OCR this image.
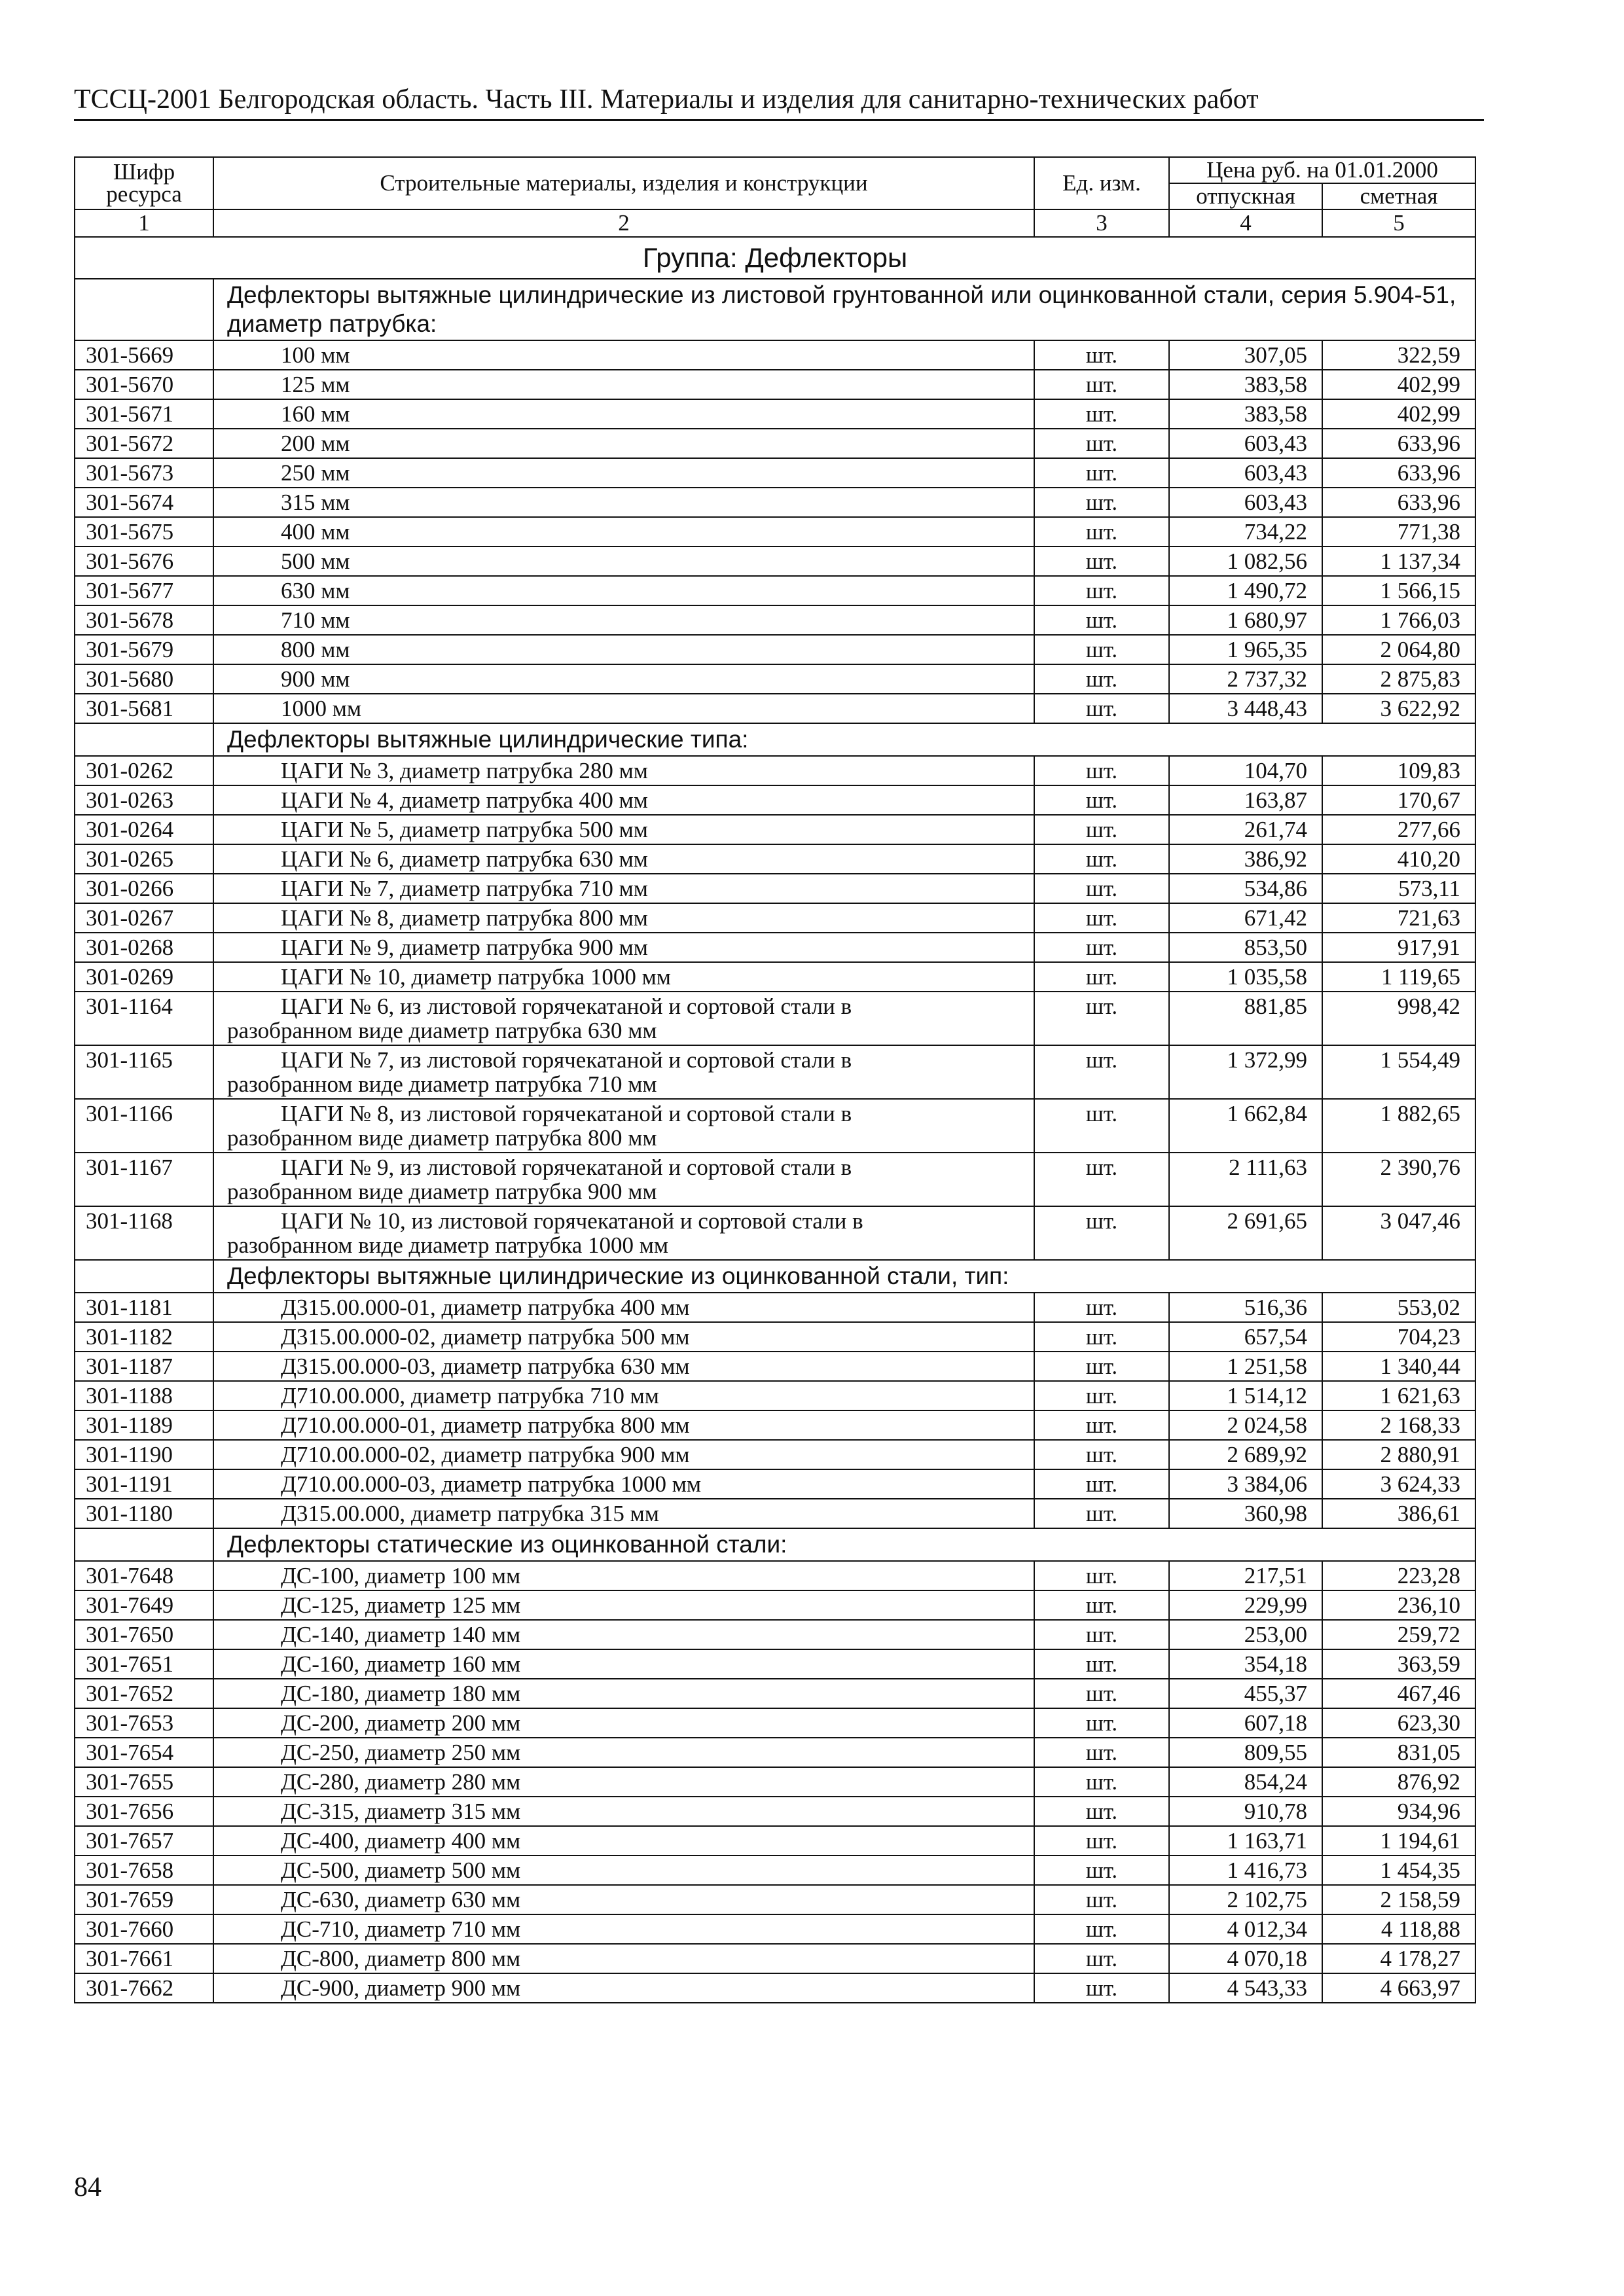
ТССЦ-2001 Белгородская область. Часть III. Материалы и изделия для санитарно-технических работ
Шифр ресурса	Строительные материалы, изделия и конструкции	Ед. изм.	Цена руб. на 01.01.2000	
			отпускная	сметная
1	2	3	4	5
Группа: Дефлекторы				
	Дефлекторы вытяжные цилиндрические из листовой грунтованной или оцинкованной стали, серия 5.904-51, диаметр патрубка:			
301-5669	100 мм	шт.	307,05	322,59
301-5670	125 мм	шт.	383,58	402,99
301-5671	160 мм	шт.	383,58	402,99
301-5672	200 мм	шт.	603,43	633,96
301-5673	250 мм	шт.	603,43	633,96
301-5674	315 мм	шт.	603,43	633,96
301-5675	400 мм	шт.	734,22	771,38
301-5676	500 мм	шт.	1 082,56	1 137,34
301-5677	630 мм	шт.	1 490,72	1 566,15
301-5678	710 мм	шт.	1 680,97	1 766,03
301-5679	800 мм	шт.	1 965,35	2 064,80
301-5680	900 мм	шт.	2 737,32	2 875,83
301-5681	1000 мм	шт.	3 448,43	3 622,92
	Дефлекторы вытяжные цилиндрические типа:			
301-0262	ЦАГИ № 3, диаметр патрубка 280 мм	шт.	104,70	109,83
301-0263	ЦАГИ № 4, диаметр патрубка 400 мм	шт.	163,87	170,67
301-0264	ЦАГИ № 5, диаметр патрубка 500 мм	шт.	261,74	277,66
301-0265	ЦАГИ № 6, диаметр патрубка 630 мм	шт.	386,92	410,20
301-0266	ЦАГИ № 7, диаметр патрубка 710 мм	шт.	534,86	573,11
301-0267	ЦАГИ № 8, диаметр патрубка 800 мм	шт.	671,42	721,63
301-0268	ЦАГИ № 9, диаметр патрубка 900 мм	шт.	853,50	917,91
301-0269	ЦАГИ № 10, диаметр патрубка 1000 мм	шт.	1 035,58	1 119,65
301-1164	ЦАГИ № 6, из листовой горячекатаной и сортовой стали в
разобранном виде диаметр патрубка 630 мм	шт.	881,85	998,42
301-1165	ЦАГИ № 7, из листовой горячекатаной и сортовой стали в
разобранном виде диаметр патрубка 710 мм	шт.	1 372,99	1 554,49
301-1166	ЦАГИ № 8, из листовой горячекатаной и сортовой стали в
разобранном виде диаметр патрубка 800 мм	шт.	1 662,84	1 882,65
301-1167	ЦАГИ № 9, из листовой горячекатаной и сортовой стали в
разобранном виде диаметр патрубка 900 мм	шт.	2 111,63	2 390,76
301-1168	ЦАГИ № 10, из листовой горячекатаной и сортовой стали в
разобранном виде диаметр патрубка 1000 мм	шт.	2 691,65	3 047,46
	Дефлекторы вытяжные цилиндрические из оцинкованной стали, тип:			
301-1181	Д315.00.000-01, диаметр патрубка 400 мм	шт.	516,36	553,02
301-1182	Д315.00.000-02, диаметр патрубка 500 мм	шт.	657,54	704,23
301-1187	Д315.00.000-03, диаметр патрубка 630 мм	шт.	1 251,58	1 340,44
301-1188	Д710.00.000, диаметр патрубка 710 мм	шт.	1 514,12	1 621,63
301-1189	Д710.00.000-01, диаметр патрубка 800 мм	шт.	2 024,58	2 168,33
301-1190	Д710.00.000-02, диаметр патрубка 900 мм	шт.	2 689,92	2 880,91
301-1191	Д710.00.000-03, диаметр патрубка 1000 мм	шт.	3 384,06	3 624,33
301-1180	Д315.00.000, диаметр патрубка 315 мм	шт.	360,98	386,61
	Дефлекторы статические из оцинкованной стали:			
301-7648	ДС-100, диаметр 100 мм	шт.	217,51	223,28
301-7649	ДС-125, диаметр 125 мм	шт.	229,99	236,10
301-7650	ДС-140, диаметр 140 мм	шт.	253,00	259,72
301-7651	ДС-160, диаметр 160 мм	шт.	354,18	363,59
301-7652	ДС-180, диаметр 180 мм	шт.	455,37	467,46
301-7653	ДС-200, диаметр 200 мм	шт.	607,18	623,30
301-7654	ДС-250, диаметр 250 мм	шт.	809,55	831,05
301-7655	ДС-280, диаметр 280 мм	шт.	854,24	876,92
301-7656	ДС-315, диаметр 315 мм	шт.	910,78	934,96
301-7657	ДС-400, диаметр 400 мм	шт.	1 163,71	1 194,61
301-7658	ДС-500, диаметр 500 мм	шт.	1 416,73	1 454,35
301-7659	ДС-630, диаметр 630 мм	шт.	2 102,75	2 158,59
301-7660	ДС-710, диаметр 710 мм	шт.	4 012,34	4 118,88
301-7661	ДС-800, диаметр 800 мм	шт.	4 070,18	4 178,27
301-7662	ДС-900, диаметр 900 мм	шт.	4 543,33	4 663,97
84
